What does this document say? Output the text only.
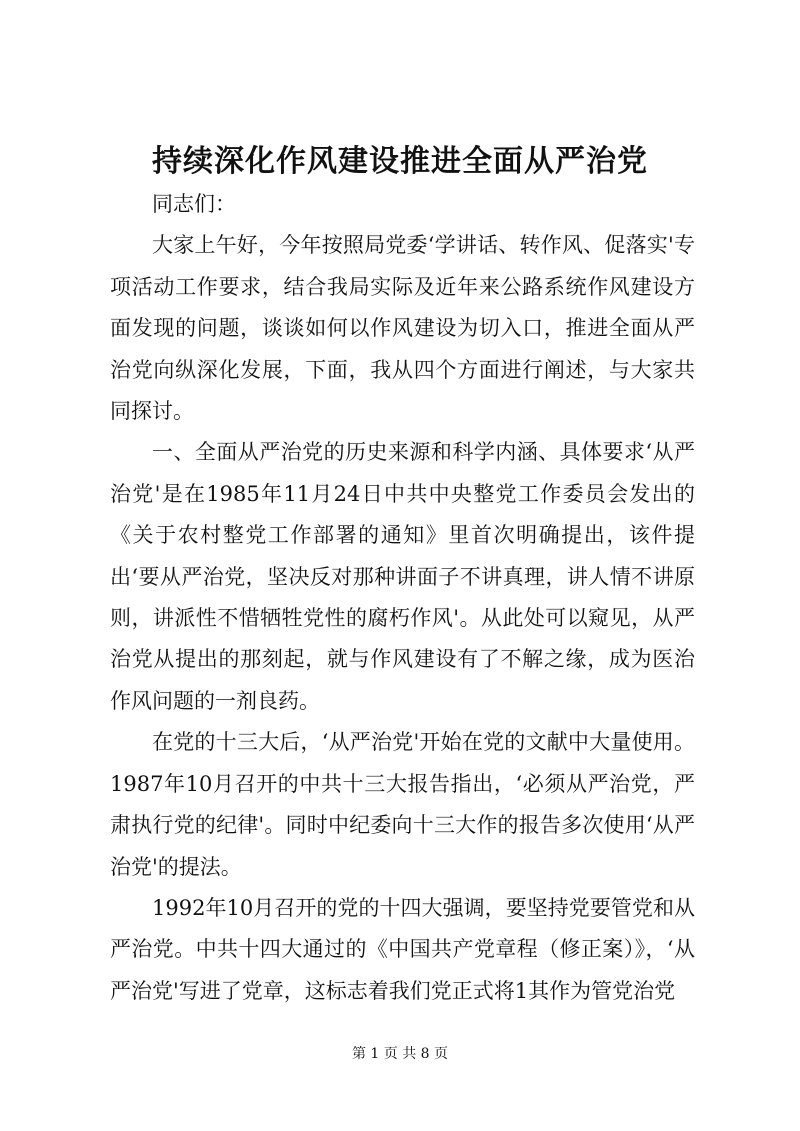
持续深化作风建设推进全面从严治党

同志们：

大家上午好，今年按照局党委‘学讲话、转作风、促落实'专项活动工作要求，结合我局实际及近年来公路系统作风建设方面发现的问题，谈谈如何以作风建设为切入口，推进全面从严治党向纵深化发展，下面，我从四个方面进行阐述，与大家共同探讨。

一、全面从严治党的历史来源和科学内涵、具体要求‘从严治党'是在1985年11月24日中共中央整党工作委员会发出的《关于农村整党工作部署的通知》里首次明确提出，该件提出‘要从严治党，坚决反对那种讲面子不讲真理，讲人情不讲原则，讲派性不惜牺牲党性的腐朽作风'。从此处可以窥见，从严治党从提出的那刻起，就与作风建设有了不解之缘，成为医治作风问题的一剂良药。

在党的十三大后，‘从严治党'开始在党的文献中大量使用。1987年10月召开的中共十三大报告指出，‘必须从严治党，严肃执行党的纪律'。同时中纪委向十三大作的报告多次使用‘从严治党'的提法。

1992年10月召开的党的十四大强调，要坚持党要管党和从严治党。中共十四大通过的《中国共产党章程（修正案）》，‘从严治党'写进了党章，这标志着我们党正式将1其作为管党治党

第 1 页 共 8 页
